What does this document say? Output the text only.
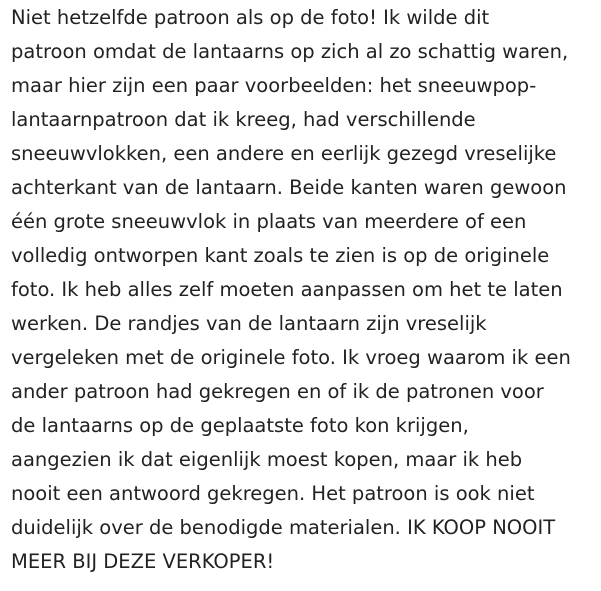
Niet hetzelfde patroon als op de foto! Ik wilde dit
patroon omdat de lantaarns op zich al zo schattig waren,
maar hier zijn een paar voorbeelden: het sneeuwpop-
lantaarnpatroon dat ik kreeg, had verschillende
sneeuwvlokken, een andere en eerlijk gezegd vreselijke
achterkant van de lantaarn. Beide kanten waren gewoon
één grote sneeuwvlok in plaats van meerdere of een
volledig ontworpen kant zoals te zien is op de originele
foto. Ik heb alles zelf moeten aanpassen om het te laten
werken. De randjes van de lantaarn zijn vreselijk
vergeleken met de originele foto. Ik vroeg waarom ik een
ander patroon had gekregen en of ik de patronen voor
de lantaarns op de geplaatste foto kon krijgen,
aangezien ik dat eigenlijk moest kopen, maar ik heb
nooit een antwoord gekregen. Het patroon is ook niet
duidelijk over de benodigde materialen. IK KOOP NOOIT
MEER BIJ DEZE VERKOPER!
